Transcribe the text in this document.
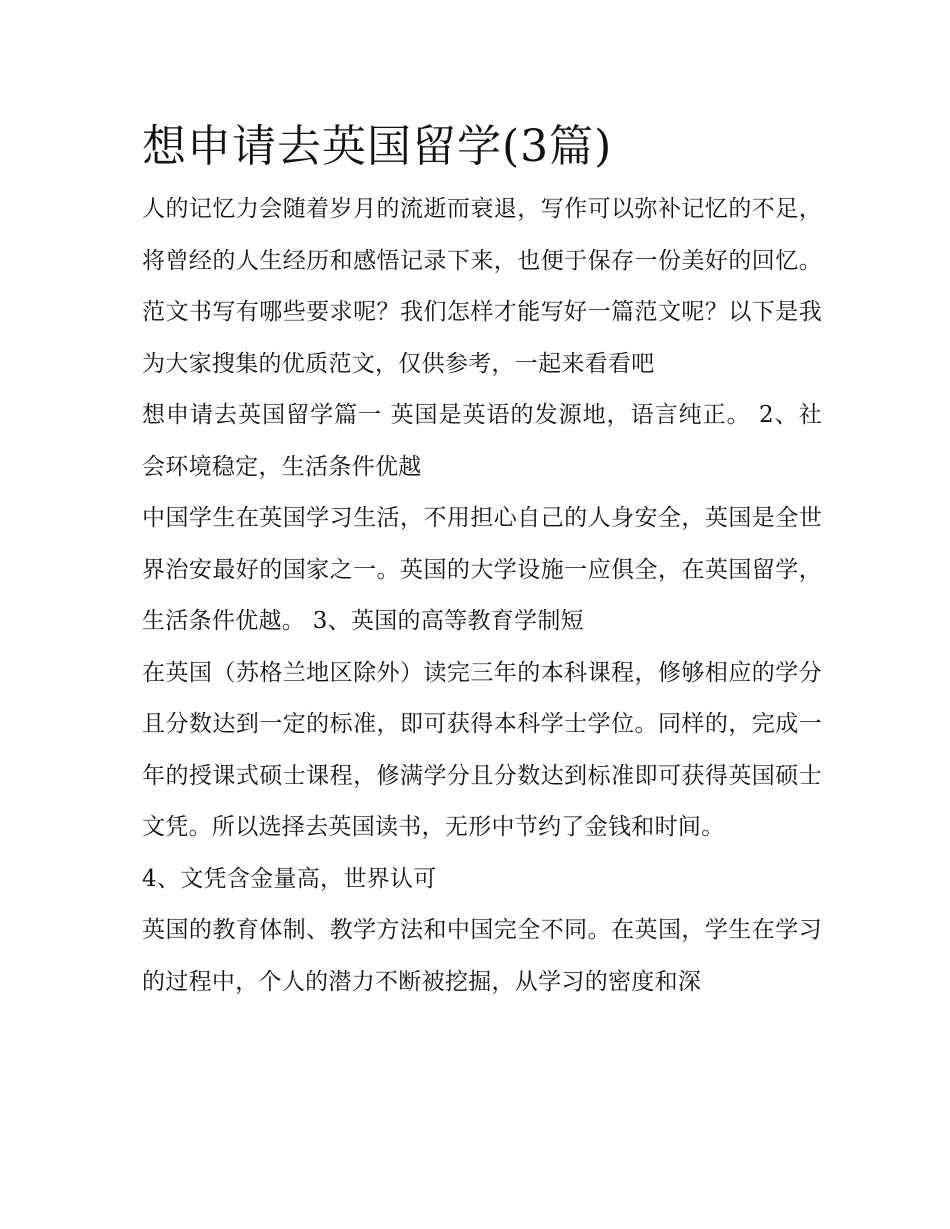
想申请去英国留学(3篇)

人的记忆力会随着岁月的流逝而衰退，写作可以弥补记忆的不足，将曾经的人生经历和感悟记录下来，也便于保存一份美好的回忆。范文书写有哪些要求呢？我们怎样才能写好一篇范文呢？以下是我为大家搜集的优质范文，仅供参考，一起来看看吧

想申请去英国留学篇一 英国是英语的发源地，语言纯正。 2、社会环境稳定，生活条件优越

中国学生在英国学习生活，不用担心自己的人身安全，英国是全世界治安最好的国家之一。英国的大学设施一应俱全，在英国留学，生活条件优越。 3、英国的高等教育学制短

在英国（苏格兰地区除外）读完三年的本科课程，修够相应的学分且分数达到一定的标准，即可获得本科学士学位。同样的，完成一年的授课式硕士课程，修满学分且分数达到标准即可获得英国硕士文凭。所以选择去英国读书，无形中节约了金钱和时间。

4、文凭含金量高，世界认可

英国的教育体制、教学方法和中国完全不同。在英国，学生在学习的过程中，个人的潜力不断被挖掘，从学习的密度和深
